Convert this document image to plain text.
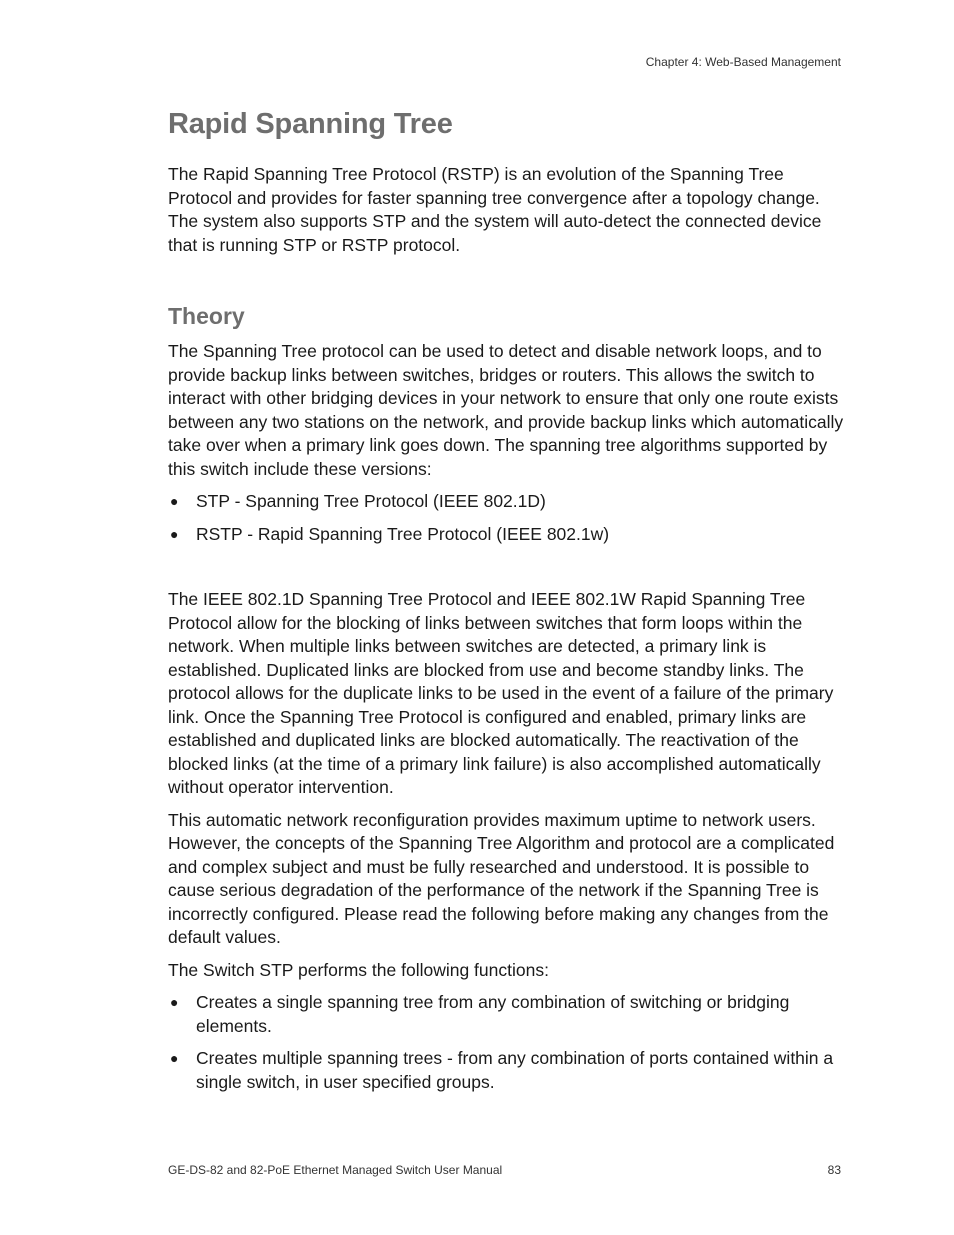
Chapter 4: Web-Based Management
Rapid Spanning Tree

The Rapid Spanning Tree Protocol (RSTP) is an evolution of the Spanning Tree Protocol and provides for faster spanning tree convergence after a topology change. The system also supports STP and the system will auto-detect the connected device that is running STP or RSTP protocol.

Theory

The Spanning Tree protocol can be used to detect and disable network loops, and to provide backup links between switches, bridges or routers. This allows the switch to interact with other bridging devices in your network to ensure that only one route exists between any two stations on the network, and provide backup links which automatically take over when a primary link goes down. The spanning tree algorithms supported by this switch include these versions:

● STP - Spanning Tree Protocol (IEEE 802.1D)
● RSTP - Rapid Spanning Tree Protocol (IEEE 802.1w)

The IEEE 802.1D Spanning Tree Protocol and IEEE 802.1W Rapid Spanning Tree Protocol allow for the blocking of links between switches that form loops within the network. When multiple links between switches are detected, a primary link is established. Duplicated links are blocked from use and become standby links. The protocol allows for the duplicate links to be used in the event of a failure of the primary link. Once the Spanning Tree Protocol is configured and enabled, primary links are established and duplicated links are blocked automatically. The reactivation of the blocked links (at the time of a primary link failure) is also accomplished automatically without operator intervention.

This automatic network reconfiguration provides maximum uptime to network users. However, the concepts of the Spanning Tree Algorithm and protocol are a complicated and complex subject and must be fully researched and understood. It is possible to cause serious degradation of the performance of the network if the Spanning Tree is incorrectly configured. Please read the following before making any changes from the default values.

The Switch STP performs the following functions:

● Creates a single spanning tree from any combination of switching or bridging elements.
● Creates multiple spanning trees - from any combination of ports contained within a single switch, in user specified groups.
GE-DS-82 and 82-PoE Ethernet Managed Switch User Manual	83
